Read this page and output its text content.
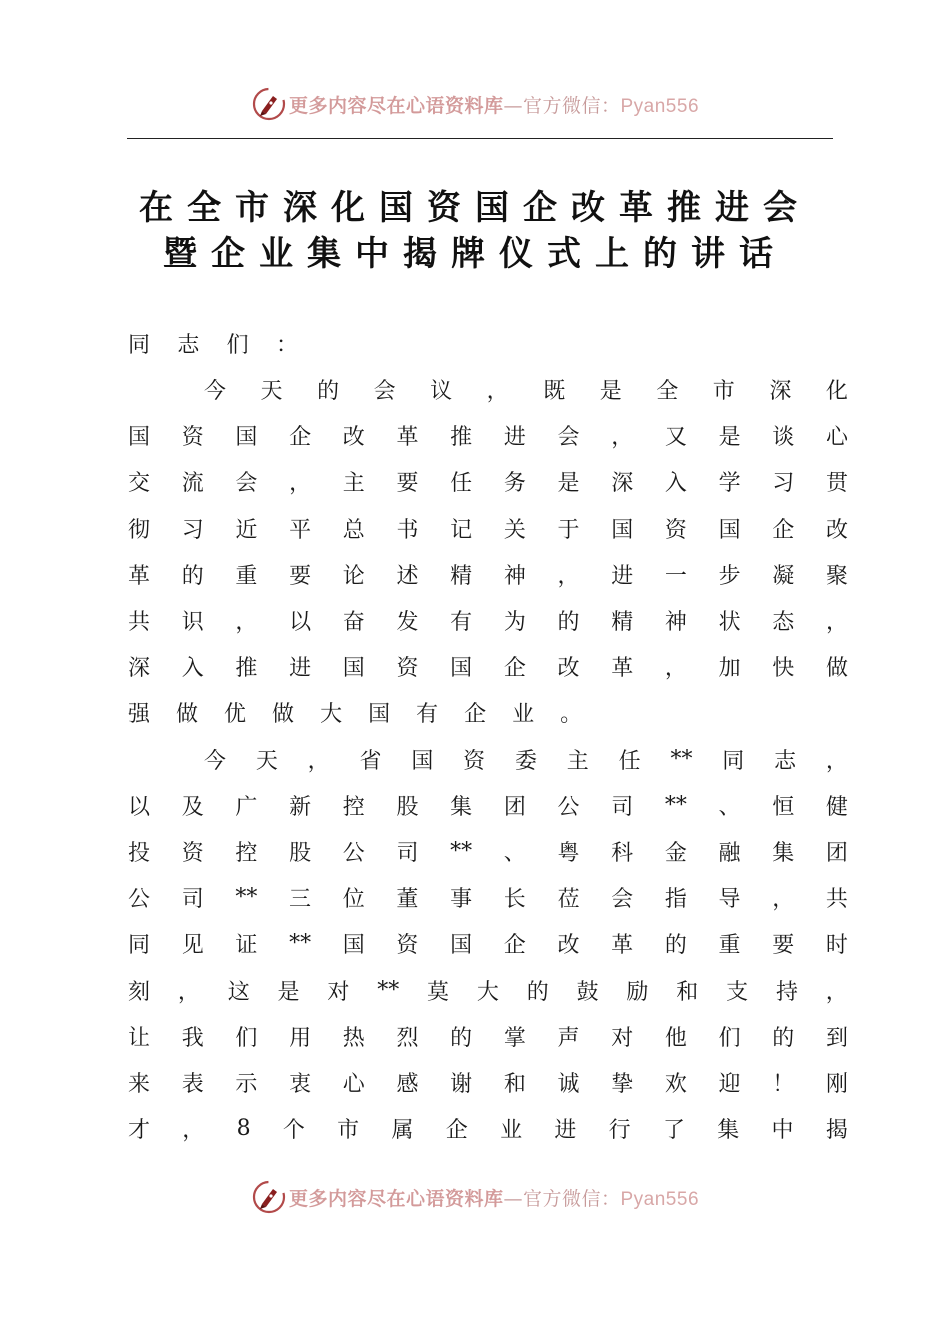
更多内容尽在心语资料库—官方微信：Pyan556
在全市深化国资国企改革推进会
暨企业集中揭牌仪式上的讲话
同 志 们 ：
今 天 的 会 议 ， 既 是 全 市 深 化
国 资 国 企 改 革 推 进 会 ， 又 是 谈 心
交 流 会 ， 主 要 任 务 是 深 入 学 习 贯
彻 习 近 平 总 书 记 关 于 国 资 国 企 改
革 的 重 要 论 述 精 神 ， 进 一 步 凝 聚
共 识 ， 以 奋 发 有 为 的 精 神 状 态 ，
深 入 推 进 国 资 国 企 改 革 ， 加 快 做
强 做 优 做 大 国 有 企 业 。
今 天 ， 省 国 资 委 主 任 ** 同 志 ，
以 及 广 新 控 股 集 团 公 司 ** 、 恒 健
投 资 控 股 公 司 ** 、 粤 科 金 融 集 团
公 司 ** 三 位 董 事 长 莅 会 指 导 ， 共
同 见 证 ** 国 资 国 企 改 革 的 重 要 时
刻 ， 这 是 对 ** 莫 大 的 鼓 励 和 支 持 ，
让 我 们 用 热 烈 的 掌 声 对 他 们 的 到
来 表 示 衷 心 感 谢 和 诚 挚 欢 迎 ！ 刚
才 ， 8 个 市 属 企 业 进 行 了 集 中 揭
更多内容尽在心语资料库—官方微信：Pyan556
